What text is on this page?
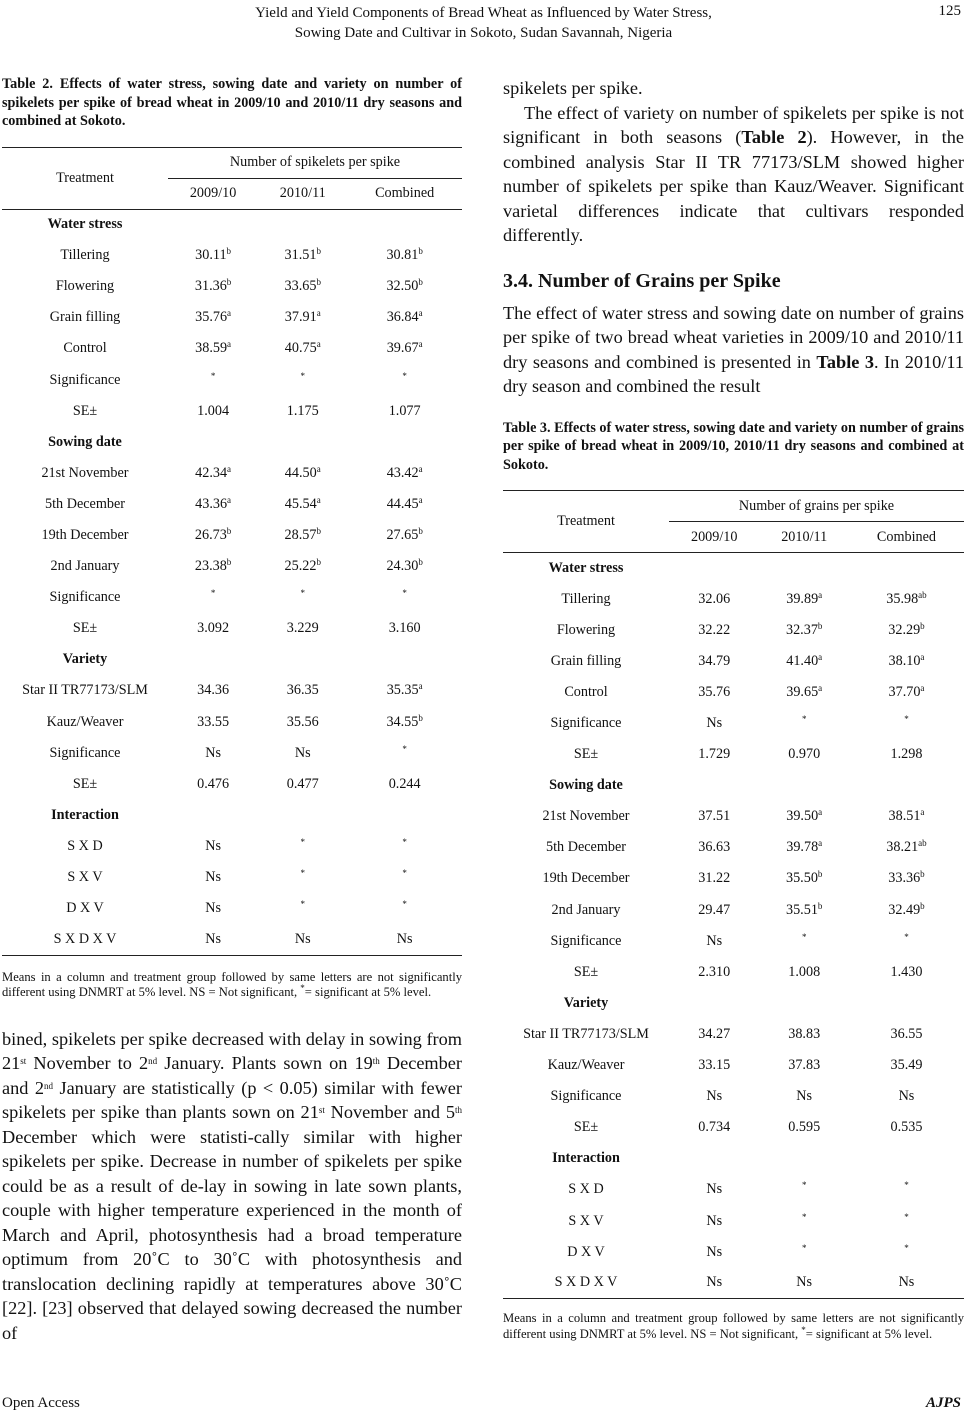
Yield and Yield Components of Bread Wheat as Influenced by Water Stress,
Sowing Date and Cultivar in Sokoto, Sudan Savannah, Nigeria
125
Table 2. Effects of water stress, sowing date and variety on number of spikelets per spike of bread wheat in 2009/10 and 2010/11 dry seasons and combined at Sokoto.
Treatment	Number of spikelets per spike		
	2009/10	2010/11	Combined
Water stress			
Tillering	30.11$^b$	31.51$^b$	30.81$^b$
Flowering	31.36$^b$	33.65$^b$	32.50$^b$
Grain filling	35.76$^a$	37.91$^a$	36.84$^a$
Control	38.59$^a$	40.75$^a$	39.67$^a$
Significance	*	*	*
SE±	1.004	1.175	1.077
Sowing date			
21st November	42.34$^a$	44.50$^a$	43.42$^a$
5th December	43.36$^a$	45.54$^a$	44.45$^a$
19th December	26.73$^b$	28.57$^b$	27.65$^b$
2nd January	23.38$^b$	25.22$^b$	24.30$^b$
Significance	*	*	*
SE±	3.092	3.229	3.160
Variety			
Star II TR77173/SLM	34.36	36.35	35.35$^a$
Kauz/Weaver	33.55	35.56	34.55$^b$
Significance	Ns	Ns	*
SE±	0.476	0.477	0.244
Interaction			
S X D	Ns	*	*
S X V	Ns	*	*
D X V	Ns	*	*
S X D X V	Ns	Ns	Ns
Means in a column and treatment group followed by same letters are not significantly different using DNMRT at 5% level. NS = Not significant, *= significant at 5% level.

bined, spikelets per spike decreased with delay in sowing from 21st November to 2nd January. Plants sown on 19th December and 2nd January are statistically (p < 0.05) similar with fewer spikelets per spike than plants sown on 21st November and 5th December which were statisti-cally similar with higher spikelets per spike. Decrease in number of spikelets per spike could be as a result of de-lay in sowing in late sown plants, couple with higher temperature experienced in the month of March and April, photosynthesis had a broad temperature optimum from 20˚C to 30˚C with photosynthesis and translocation declining rapidly at temperatures above 30˚C [22]. [23] observed that delayed sowing decreased the number of

spikelets per spike.

The effect of variety on number of spikelets per spike is not significant in both seasons (Table 2). However, in the combined analysis Star II TR 77173/SLM showed higher number of spikelets per spike than Kauz/Weaver. Significant varietal differences indicate that cultivars responded differently.

3.4. Number of Grains per Spike

The effect of water stress and sowing date on number of grains per spike of two bread wheat varieties in 2009/10 and 2010/11 dry seasons and combined is presented in Table 3. In 2010/11 dry season and combined the result

Table 3. Effects of water stress, sowing date and variety on number of grains per spike of bread wheat in 2009/10, 2010/11 dry seasons and combined at Sokoto.
Treatment	Number of grains per spike		
	2009/10	2010/11	Combined
Water stress			
Tillering	32.06	39.89$^a$	35.98$^{ab}$
Flowering	32.22	32.37$^b$	32.29$^b$
Grain filling	34.79	41.40$^a$	38.10$^a$
Control	35.76	39.65$^a$	37.70$^a$
Significance	Ns	*	*
SE±	1.729	0.970	1.298
Sowing date			
21st November	37.51	39.50$^a$	38.51$^a$
5th December	36.63	39.78$^a$	38.21$^{ab}$
19th December	31.22	35.50$^b$	33.36$^b$
2nd January	29.47	35.51$^b$	32.49$^b$
Significance	Ns	*	*
SE±	2.310	1.008	1.430
Variety			
Star II TR77173/SLM	34.27	38.83	36.55
Kauz/Weaver	33.15	37.83	35.49
Significance	Ns	Ns	Ns
SE±	0.734	0.595	0.535
Interaction			
S X D	Ns	*	*
S X V	Ns	*	*
D X V	Ns	*	*
S X D X V	Ns	Ns	Ns
Means in a column and treatment group followed by same letters are not significantly different using DNMRT at 5% level. NS = Not significant, *= significant at 5% level.
Open Access	AJPS
